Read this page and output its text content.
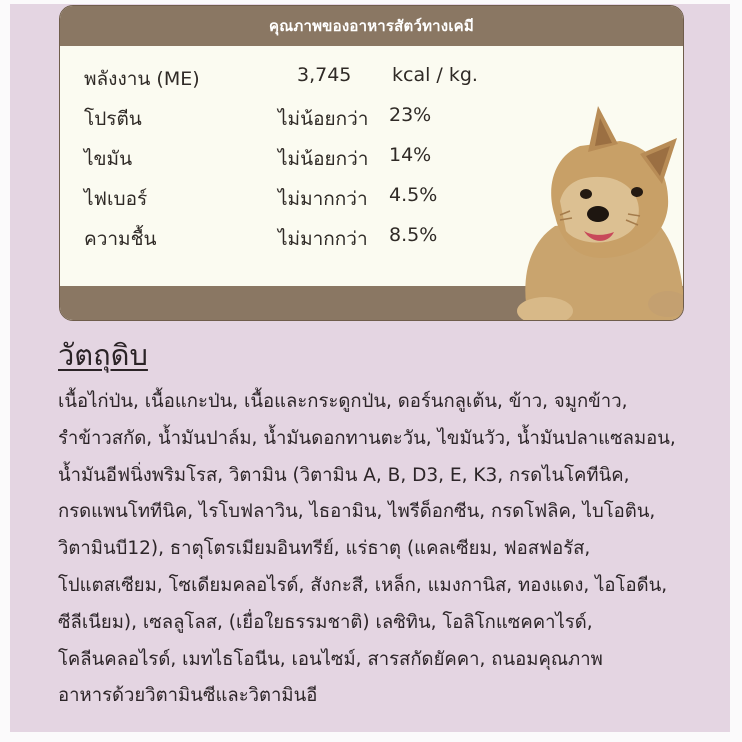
คุณภาพของอาหารสัตว์ทางเคมี
พลังงาน (ME)	3,745 kcal / kg.
โปรตีน	ไม่น้อยกว่า 23%
ไขมัน	ไม่น้อยกว่า 14%
ไฟเบอร์	ไม่มากกว่า 4.5%
ความชื้น	ไม่มากกว่า 8.5%
วัตถุดิบ
เนื้อไก่ป่น, เนื้อแกะป่น, เนื้อและกระดูกป่น, ดอร์นกลูเต้น, ข้าว, จมูกข้าว,
รำข้าวสกัด, น้ำมันปาล์ม, น้ำมันดอกทานตะวัน, ไขมันวัว, น้ำมันปลาแซลมอน,
น้ำมันอีฟนิ่งพริมโรส, วิตามิน (วิตามิน A, B, D3, E, K3, กรดไนโคทีนิค,
กรดแพนโททีนิค, ไรโบฟลาวิน, ไธอามิน, ไพรีด็อกซีน, กรดโฟลิค, ไบโอติน,
วิตามินบี12), ธาตุโตรเมียมอินทรีย์, แร่ธาตุ (แคลเซียม, ฟอสฟอรัส,
โปแตสเซียม, โซเดียมคลอไรด์, สังกะสี, เหล็ก, แมงกานิส, ทองแดง, ไอโอดีน,
ซีลีเนียม), เซลลูโลส, (เยื่อใยธรรมชาติ) เลซิทิน, โอลิโกแซคคาไรด์,
โคลีนคลอไรด์, เมทไธโอนีน, เอนไซม์, สารสกัดยัคคา, ถนอมคุณภาพ
อาหารด้วยวิตามินซีและวิตามินอี
